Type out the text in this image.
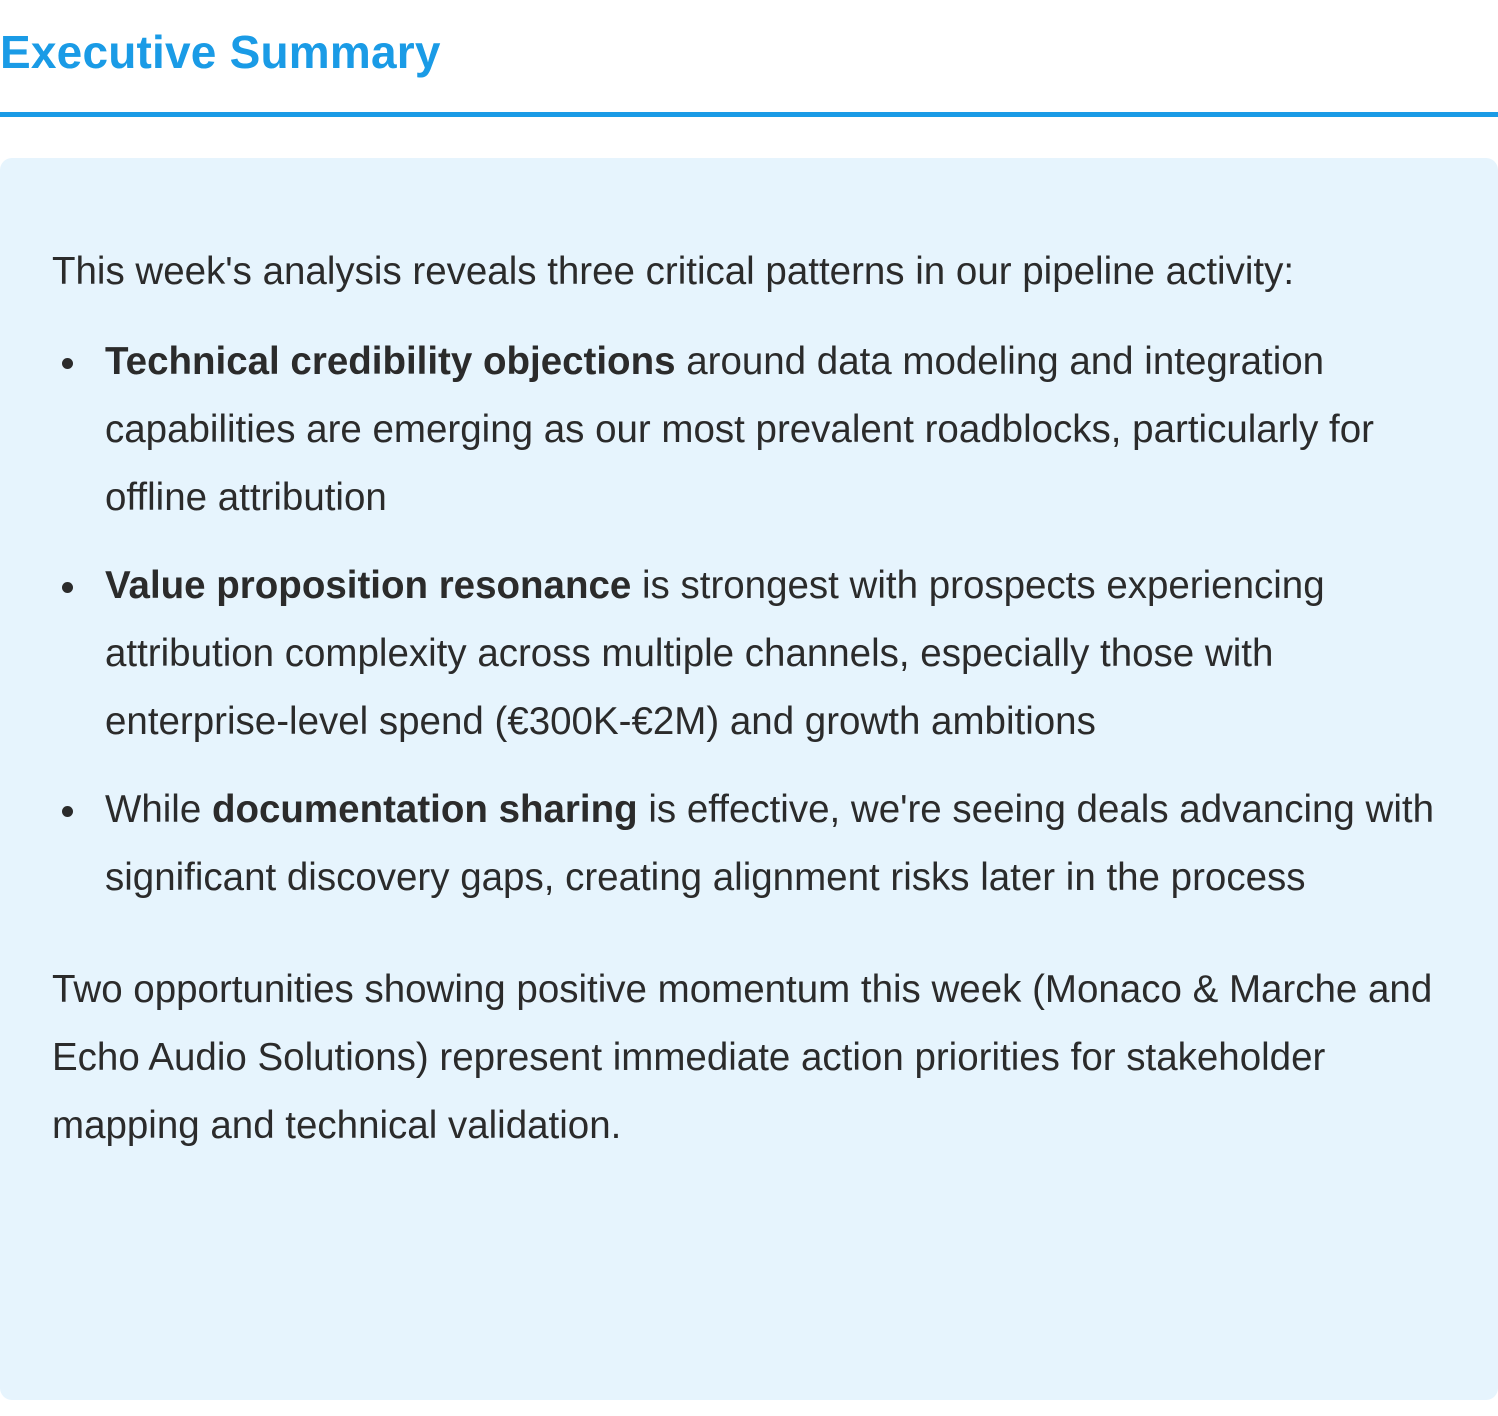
Executive Summary

This week's analysis reveals three critical patterns in our pipeline activity:

Technical credibility objections around data modeling and integration capabilities are emerging as our most prevalent roadblocks, particularly for offline attribution
Value proposition resonance is strongest with prospects experiencing attribution complexity across multiple channels, especially those with enterprise-level spend (€300K-€2M) and growth ambitions
While documentation sharing is effective, we're seeing deals advancing with significant discovery gaps, creating alignment risks later in the process

Two opportunities showing positive momentum this week (Monaco & Marche and Echo Audio Solutions) represent immediate action priorities for stakeholder mapping and technical validation.
